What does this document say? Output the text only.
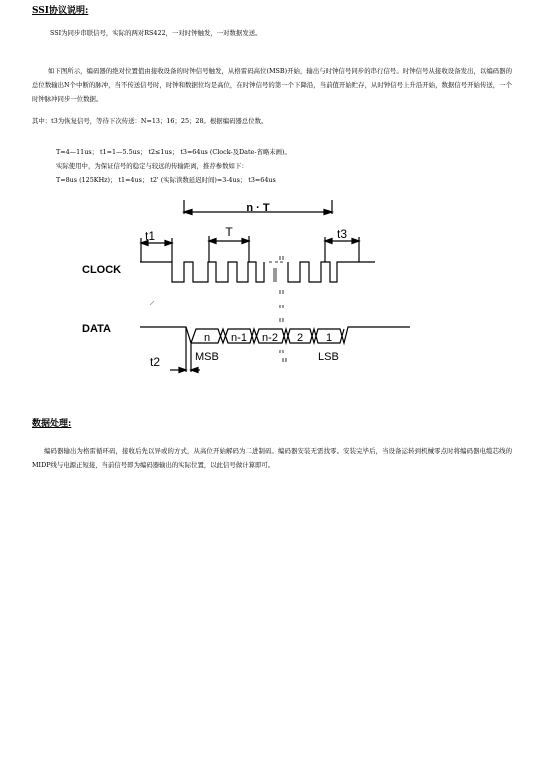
SSI协议说明:
SSI为同步串联信号，实际的两对RS422，一对时钟触发，一对数据发送。

如下图所示，编码器的绝对位置值由接收设备的时钟信号触发，从格雷码高位(MSB)开始，输出与时钟信号同步的串行信号。时钟信号从接收设备发出，以编码器的总位数输出N个中断的脉冲，当不传送信号时，时钟和数据位均是高位，在时钟信号的第一个下降沿，当前值开始贮存，从时钟信号上升沿开始，数据信号开始传送，一个时钟脉冲同步一位数据。

其中：t3为恢复信号，等待下次传送：N=13；16；25；28。根据编码器总位数。
T=4—11us； t1=1—5.5us； t2≤1us； t3=64us (Clock-及Date-省略未画)。
实际使用中，为保证信号的稳定与较远的传输距离，推荐参数如下：
T=8us (125KHz)； t1=4us； t2' (实际读数延迟时间)=3-4us； t3=64us
n · T
t1	T	t3
CLOCK
DATA
n n-1 n-2 2 1
MSB	LSB
t2
数据处理:

编码器输出为格雷循环码，接收后先以异或的方式，从高位开始解码为二进制码。编码器安装无需找零。安装完毕后，当设备运转到机械零点时将编码器电缆芯线的MIDP线与电源正短接，当前信号即为编码器输出的实际位置，以此信号做计算即可。
